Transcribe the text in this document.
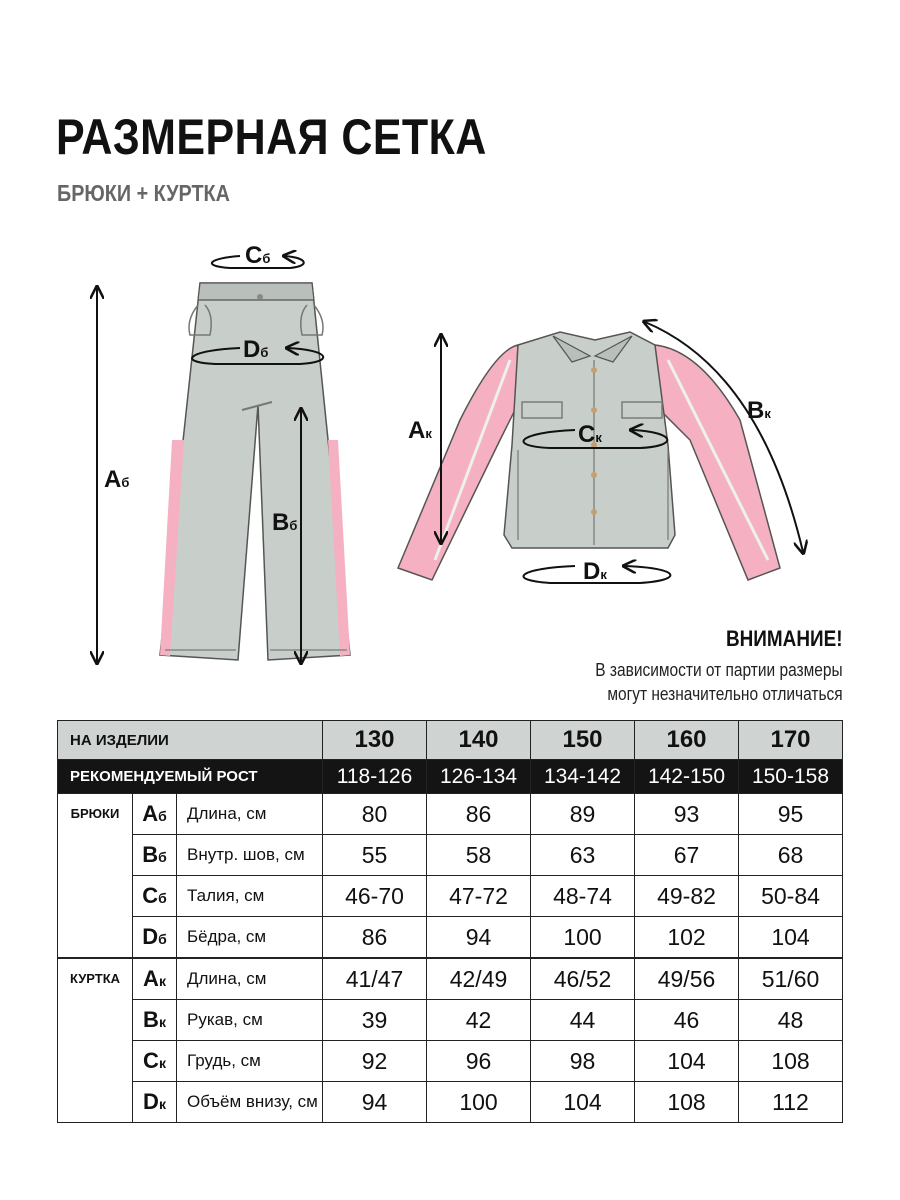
РАЗМЕРНАЯ СЕТКА
БРЮКИ + КУРТКА
Аб
Вб
Сб
Dб
Ак
Вк
Ск
Dк
ВНИМАНИЕ!
В зависимости от партии размеры
могут незначительно отличаться
НА ИЗДЕЛИИ			130	140	150	160	170
РЕКОМЕНДУЕМЫЙ РОСТ			118-126	126-134	134-142	142-150	150-158
БРЮКИ	Аб	Длина, см	80	86	89	93	95
	Вб	Внутр. шов, см	55	58	63	67	68
	Сб	Талия, см	46-70	47-72	48-74	49-82	50-84
	Dб	Бёдра, см	86	94	100	102	104

КУРТКА	Ак	Длина, см	41/47	42/49	46/52	49/56	51/60
	Вк	Рукав, см	39	42	44	46	48
	Ск	Грудь, см	92	96	98	104	108
	Dк	Объём внизу, см	94	100	104	108	112
